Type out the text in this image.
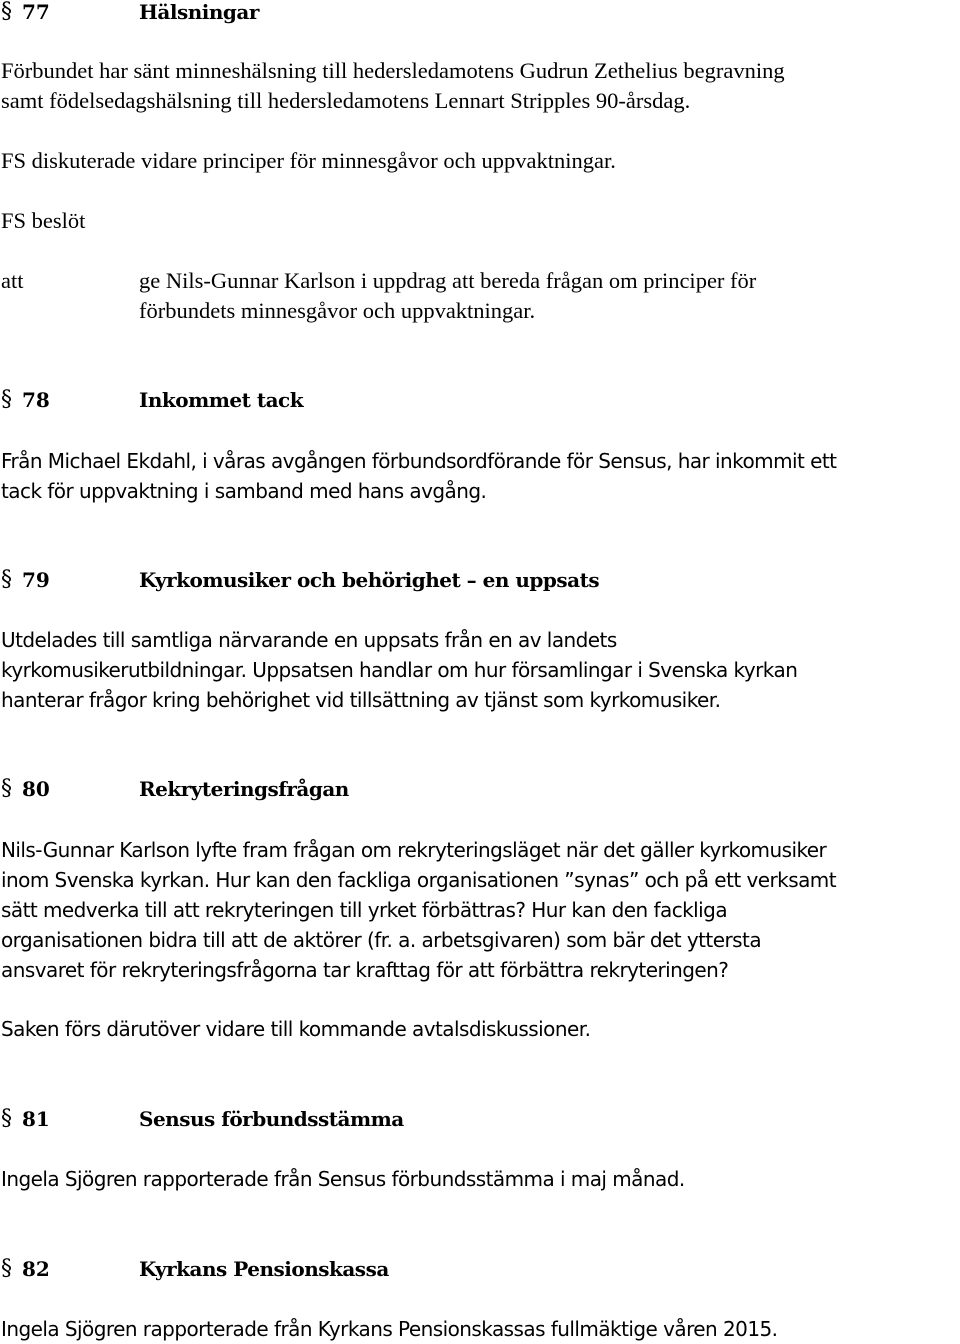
§ 77	Hälsningar
Förbundet har sänt minneshälsning till hedersledamotens Gudrun Zethelius begravning
samt födelsedagshälsning till hedersledamotens Lennart Stripples 90-årsdag.
FS diskuterade vidare principer för minnesgåvor och uppvaktningar.
FS beslöt
att	ge Nils-Gunnar Karlson i uppdrag att bereda frågan om principer för
förbundets minnesgåvor och uppvaktningar.
§ 78	Inkommet tack
Från Michael Ekdahl, i våras avgången förbundsordförande för Sensus, har inkommit ett
tack för uppvaktning i samband med hans avgång.
§ 79	Kyrkomusiker och behörighet – en uppsats
Utdelades till samtliga närvarande en uppsats från en av landets
kyrkomusikerutbildningar. Uppsatsen handlar om hur församlingar i Svenska kyrkan
hanterar frågor kring behörighet vid tillsättning av tjänst som kyrkomusiker.
§ 80	Rekryteringsfrågan
Nils-Gunnar Karlson lyfte fram frågan om rekryteringsläget när det gäller kyrkomusiker
inom Svenska kyrkan. Hur kan den fackliga organisationen ”synas” och på ett verksamt
sätt medverka till att rekryteringen till yrket förbättras? Hur kan den fackliga
organisationen bidra till att de aktörer (fr. a. arbetsgivaren) som bär det yttersta
ansvaret för rekryteringsfrågorna tar krafttag för att förbättra rekryteringen?
Saken förs därutöver vidare till kommande avtalsdiskussioner.
§ 81	Sensus förbundsstämma
Ingela Sjögren rapporterade från Sensus förbundsstämma i maj månad.
§ 82	Kyrkans Pensionskassa
Ingela Sjögren rapporterade från Kyrkans Pensionskassas fullmäktige våren 2015.
